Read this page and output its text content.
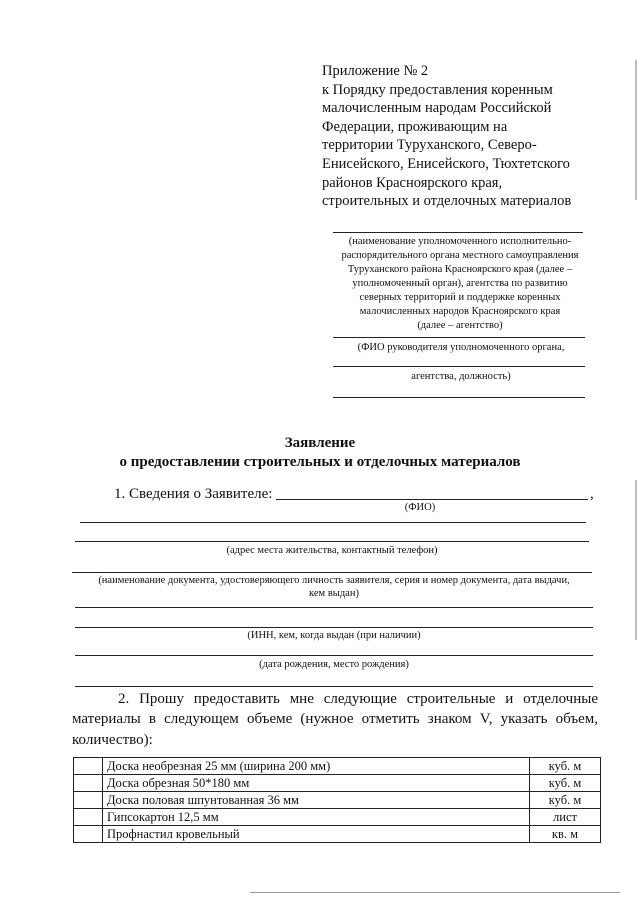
Приложение № 2
к Порядку предоставления коренным
малочисленным народам Российской
Федерации, проживающим на
территории Туруханского, Северо-
Енисейского, Енисейского, Тюхтетского
районов Красноярского края,
строительных и отделочных материалов
(наименование уполномоченного исполнительно-
распорядительного органа местного самоуправления
Туруханского района Красноярского края (далее –
уполномоченный орган), агентства по развитию
северных территорий и поддержке коренных
малочисленных народов Красноярского края
(далее – агентство)
(ФИО руководителя уполномоченного органа,
агентства, должность)
Заявление
о предоставлении строительных и отделочных материалов
1. Сведения о Заявителе:	,
(ФИО)
(адрес места жительства, контактный телефон)
(наименование документа, удостоверяющего личность заявителя, серия и номер документа, дата выдачи,
кем выдан)
(ИНН, кем, когда выдан (при наличии)
(дата рождения, место рождения)
2. Прошу предоставить мне следующие строительные и отделочные
материалы в следующем объеме (нужное отметить знаком V, указать объем,
количество):
	Доска необрезная 25 мм (ширина 200 мм)	куб. м
	Доска обрезная 50*180 мм	куб. м
	Доска половая шпунтованная 36 мм	куб. м
	Гипсокартон 12,5 мм	лист
	Профнастил кровельный	кв. м
